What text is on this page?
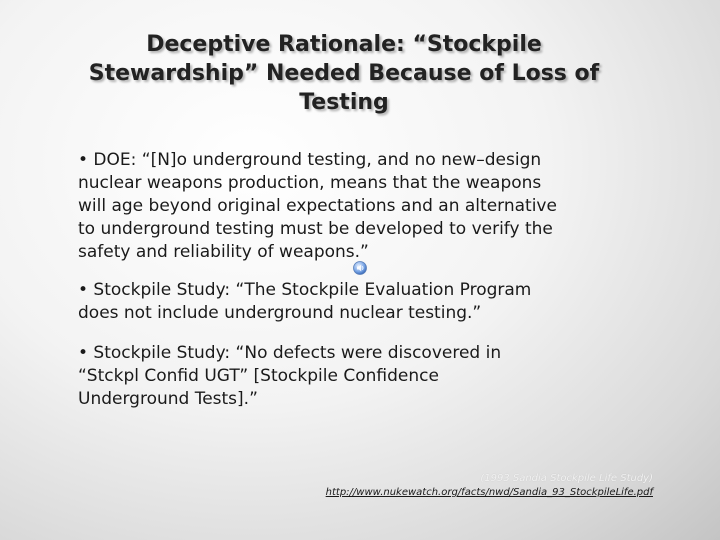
Deceptive Rationale: “Stockpile
Stewardship” Needed Because of Loss of
Testing
• DOE: “[N]o underground testing, and no new–design
nuclear weapons production, means that the weapons
will age beyond original expectations and an alternative
to underground testing must be developed to verify the
safety and reliability of weapons.”
• Stockpile Study: “The Stockpile Evaluation Program
does not include underground nuclear testing.”
• Stockpile Study: “No defects were discovered in
“Stckpl Confid UGT” [Stockpile Confidence
Underground Tests].”
(1993 Sandia Stockpile Life Study)
http://www.nukewatch.org/facts/nwd/Sandia_93_StockpileLife.pdf
